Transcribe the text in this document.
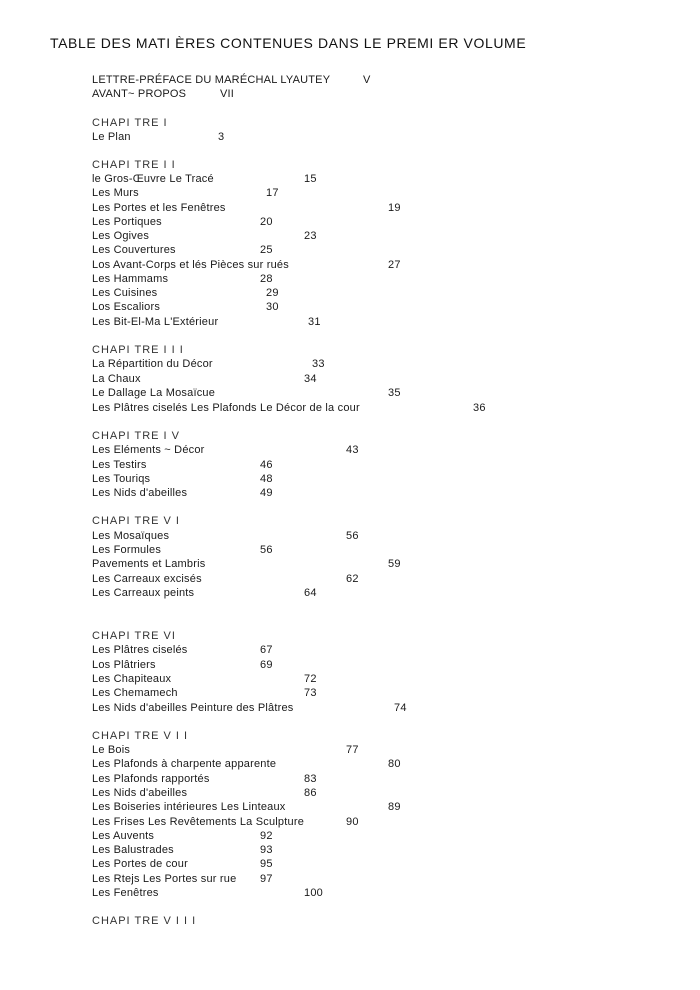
TABLE DES MATI ÈRES CONTENUES DANS LE PREMI ER VOLUME
LETTRE-PRÉFACE DU MARÉCHAL LYAUTEY	V
AVANT~ PROPOS	VII
CHAPI TRE I
Le Plan	3
CHAPI TRE I I
le Gros-Œuvre Le Tracé	15
Les Murs	17
Les Portes et les Fenêtres	19
Les Portiques	20
Les Ogives	23
Les Couvertures	25
Los Avant-Corps et lés Pièces sur rués	27
Les Hammams	28
Les Cuisines	29
Los Escaliors	30
Les Bit-El-Ma L'Extérieur	31
CHAPI TRE I I I
La Répartition du Décor	33
La Chaux	34
Le Dallage La Mosaïcue	35
Les Plâtres ciselés Les Plafonds Le Décor de la cour	36
CHAPI TRE I V
Les Eléments ~ Décor	43
Les Testirs	46
Les Touriqs	48
Les Nids d'abeilles	49
CHAPI TRE V I
Les Mosaïques	56
Les Formules	56
Pavements et Lambris	59
Les Carreaux excisés	62
Les Carreaux peints	64
CHAPI TRE VI
Les Plâtres ciselés	67
Los Plâtriers	69
Les Chapiteaux	72
Les Chemamech	73
Les Nids d'abeilles Peinture des Plâtres	74
CHAPI TRE V I I
Le Bois	77
Les Plafonds à charpente apparente	80
Les Plafonds rapportés	83
Les Nids d'abeilles	86
Les Boiseries intérieures Les Linteaux	89
Les Frises Les Revêtements La Sculpture	90
Les Auvents	92
Les Balustrades	93
Les Portes de cour	95
Les Rtejs Les Portes sur rue 97
Les Fenêtres	100
CHAPI TRE V I I I
